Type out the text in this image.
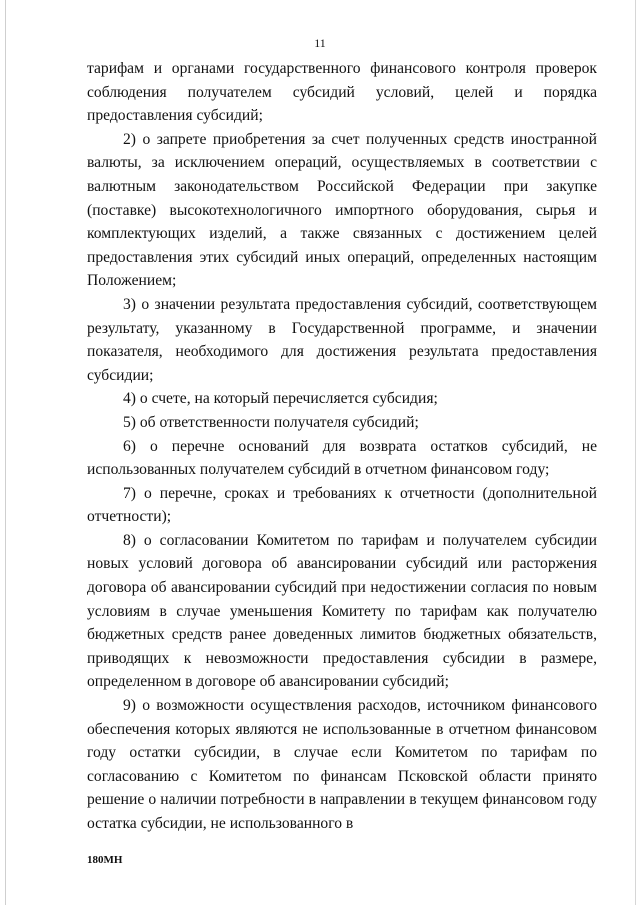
11

тарифам и органами государственного финансового контроля проверок соблюдения получателем субсидий условий, целей и порядка предоставления субсидий;

2) о запрете приобретения за счет полученных средств иностранной валюты, за исключением операций, осуществляемых в соответствии с валютным законодательством Российской Федерации при закупке (поставке) высокотехнологичного импортного оборудования, сырья и комплектующих изделий, а также связанных с достижением целей предоставления этих субсидий иных операций, определенных настоящим Положением;

3) о значении результата предоставления субсидий, соответствующем результату, указанному в Государственной программе, и значении показателя, необходимого для достижения результата предоставления субсидии;

4) о счете, на который перечисляется субсидия;

5) об ответственности получателя субсидий;

6) о перечне оснований для возврата остатков субсидий, не использованных получателем субсидий в отчетном финансовом году;

7) о перечне, сроках и требованиях к отчетности (дополнительной отчетности);

8) о согласовании Комитетом по тарифам и получателем субсидии новых условий договора об авансировании субсидий или расторжения договора об авансировании субсидий при недостижении согласия по новым условиям в случае уменьшения Комитету по тарифам как получателю бюджетных средств ранее доведенных лимитов бюджетных обязательств, приводящих к невозможности предоставления субсидии в размере, определенном в договоре об авансировании субсидий;

9) о возможности осуществления расходов, источником финансового обеспечения которых являются не использованные в отчетном финансовом году остатки субсидии, в случае если Комитетом по тарифам по согласованию с Комитетом по финансам Псковской области принято решение о наличии потребности в направлении в текущем финансовом году остатка субсидии, не использованного в

180МН
